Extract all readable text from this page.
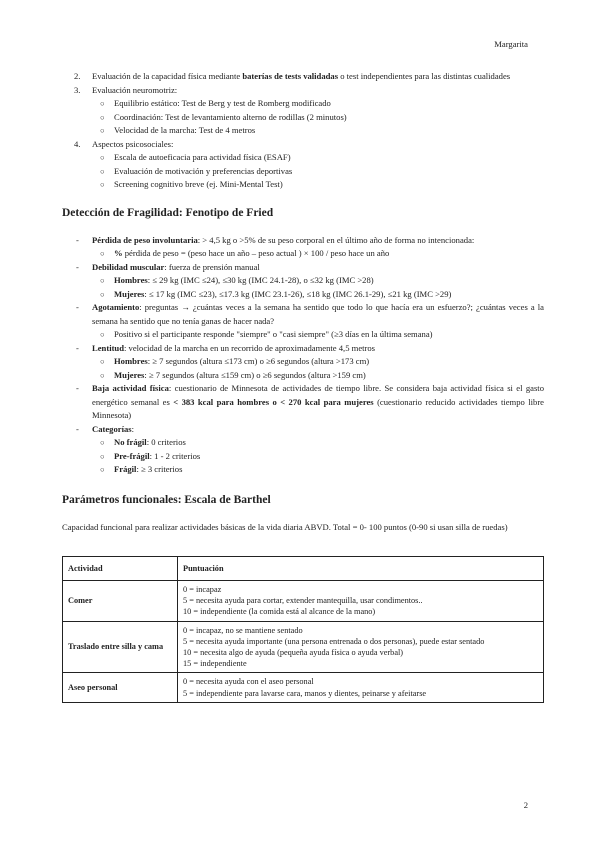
Margarita
2. Evaluación de la capacidad física mediante baterías de tests validadas o test independientes para las distintas cualidades
3. Evaluación neuromotriz:
○ Equilibrio estático: Test de Berg y test de Romberg modificado
○ Coordinación: Test de levantamiento alterno de rodillas (2 minutos)
○ Velocidad de la marcha: Test de 4 metros
4. Aspectos psicosociales:
○ Escala de autoeficacia para actividad física (ESAF)
○ Evaluación de motivación y preferencias deportivas
○ Screening cognitivo breve (ej. Mini-Mental Test)
Detección de Fragilidad: Fenotipo de Fried
- Pérdida de peso involuntaria: > 4,5 kg o >5% de su peso corporal en el último año de forma no intencionada:
○ % pérdida de peso = (peso hace un año – peso actual ) × 100 / peso hace un año
- Debilidad muscular: fuerza de prensión manual
○ Hombres: ≤ 29 kg (IMC ≤24), ≤30 kg (IMC 24.1-28), o ≤32 kg (IMC >28)
○ Mujeres: ≤ 17 kg (IMC ≤23), ≤17.3 kg (IMC 23.1-26), ≤18 kg (IMC 26.1-29), ≤21 kg (IMC >29)
- Agotamiento: preguntas → ¿cuántas veces a la semana ha sentido que todo lo que hacía era un esfuerzo?; ¿cuántas veces a la semana ha sentido que no tenía ganas de hacer nada?
○ Positivo si el participante responde "siempre" o "casi siempre" (≥3 días en la última semana)
- Lentitud: velocidad de la marcha en un recorrido de aproximadamente 4,5 metros
○ Hombres: ≥ 7 segundos (altura ≤173 cm) o ≥6 segundos (altura >173 cm)
○ Mujeres: ≥ 7 segundos (altura ≤159 cm) o ≥6 segundos (altura >159 cm)
- Baja actividad física: cuestionario de Minnesota de actividades de tiempo libre. Se considera baja actividad física si el gasto energético semanal es < 383 kcal para hombres o < 270 kcal para mujeres (cuestionario reducido actividades tiempo libre Minnesota)
- Categorías:
○ No frágil: 0 criterios
○ Pre-frágil: 1 - 2 criterios
○ Frágil: ≥ 3 criterios
Parámetros funcionales: Escala de Barthel

Capacidad funcional para realizar actividades básicas de la vida diaria ABVD. Total = 0- 100 puntos (0-90 si usan silla de ruedas)

Actividad	Puntuación
Comer	0 = incapaz
5 = necesita ayuda para cortar, extender mantequilla, usar condimentos..
10 = independiente (la comida está al alcance de la mano)

Traslado entre silla y cama	0 = incapaz, no se mantiene sentado
5 = necesita ayuda importante (una persona entrenada o dos personas), puede estar sentado
10 = necesita algo de ayuda (pequeña ayuda física o ayuda verbal)
15 = independiente

Aseo personal	0 = necesita ayuda con el aseo personal
5 = independiente para lavarse cara, manos y dientes, peinarse y afeitarse
2
